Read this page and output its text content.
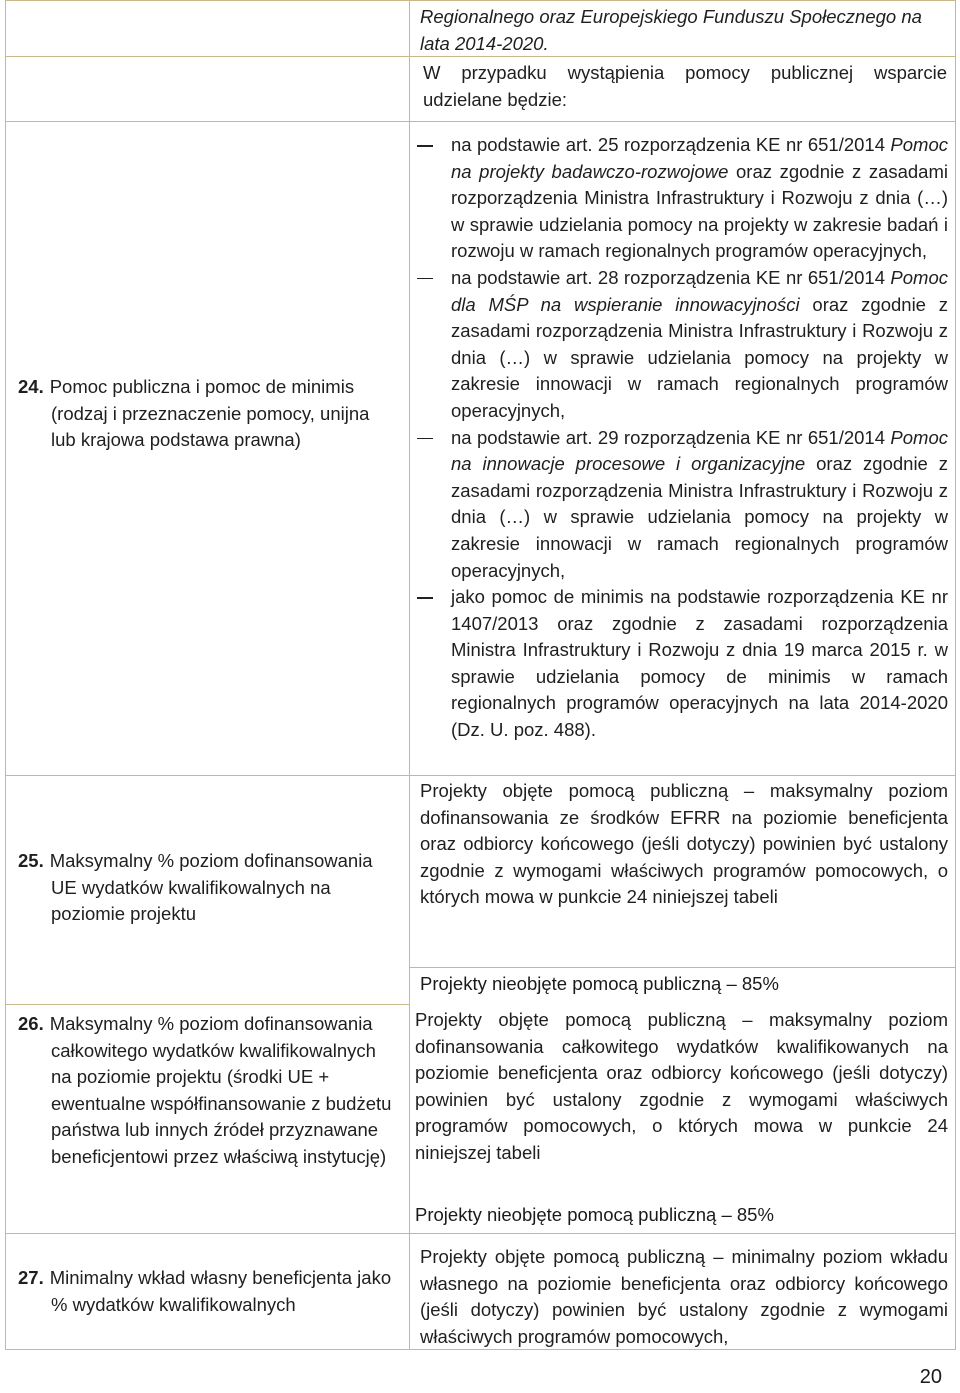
Regionalnego oraz Europejskiego Funduszu Społecznego na
lata 2014-2020.
W przypadku wystąpienia pomocy publicznej wsparcie udzielane będzie:
24. Pomoc publiczna i pomoc de minimis (rodzaj i przeznaczenie pomocy, unijna lub krajowa podstawa prawna)
na podstawie art. 25 rozporządzenia KE nr 651/2014 Pomoc na projekty badawczo-rozwojowe oraz zgodnie z zasadami rozporządzenia Ministra Infrastruktury i Rozwoju z dnia (…) w sprawie udzielania pomocy na projekty w zakresie badań i rozwoju w ramach regionalnych programów operacyjnych,
na podstawie art. 28 rozporządzenia KE nr 651/2014 Pomoc dla MŚP na wspieranie innowacyjności oraz zgodnie z zasadami rozporządzenia Ministra Infrastruktury i Rozwoju z dnia (…) w sprawie udzielania pomocy na projekty w zakresie innowacji w ramach regionalnych programów operacyjnych,
na podstawie art. 29 rozporządzenia KE nr 651/2014 Pomoc na innowacje procesowe i organizacyjne oraz zgodnie z zasadami rozporządzenia Ministra Infrastruktury i Rozwoju z dnia (…) w sprawie udzielania pomocy na projekty w zakresie innowacji w ramach regionalnych programów operacyjnych,
jako pomoc de minimis na podstawie rozporządzenia KE nr 1407/2013 oraz zgodnie z zasadami rozporządzenia Ministra Infrastruktury i Rozwoju z dnia 19 marca 2015 r. w sprawie udzielania pomocy de minimis w ramach regionalnych programów operacyjnych na lata 2014-2020 (Dz. U. poz. 488).
25. Maksymalny % poziom dofinansowania UE wydatków kwalifikowalnych na poziomie projektu
Projekty objęte pomocą publiczną – maksymalny poziom dofinansowania ze środków EFRR na poziomie beneficjenta oraz odbiorcy końcowego (jeśli dotyczy) powinien być ustalony zgodnie z wymogami właściwych programów pomocowych, o których mowa w punkcie 24 niniejszej tabeli
Projekty nieobjęte pomocą publiczną – 85%
26. Maksymalny % poziom dofinansowania całkowitego wydatków kwalifikowalnych na poziomie projektu (środki UE + ewentualne współfinansowanie z budżetu państwa lub innych źródeł przyznawane beneficjentowi przez właściwą instytucję)
Projekty objęte pomocą publiczną – maksymalny poziom dofinansowania całkowitego wydatków kwalifikowanych na poziomie beneficjenta oraz odbiorcy końcowego (jeśli dotyczy) powinien być ustalony zgodnie z wymogami właściwych programów pomocowych, o których mowa w punkcie 24 niniejszej tabeli
Projekty nieobjęte pomocą publiczną – 85%
27. Minimalny wkład własny beneficjenta jako % wydatków kwalifikowalnych
Projekty objęte pomocą publiczną – minimalny poziom wkładu własnego na poziomie beneficjenta oraz odbiorcy końcowego (jeśli dotyczy) powinien być ustalony zgodnie z wymogami właściwych programów pomocowych,
20
